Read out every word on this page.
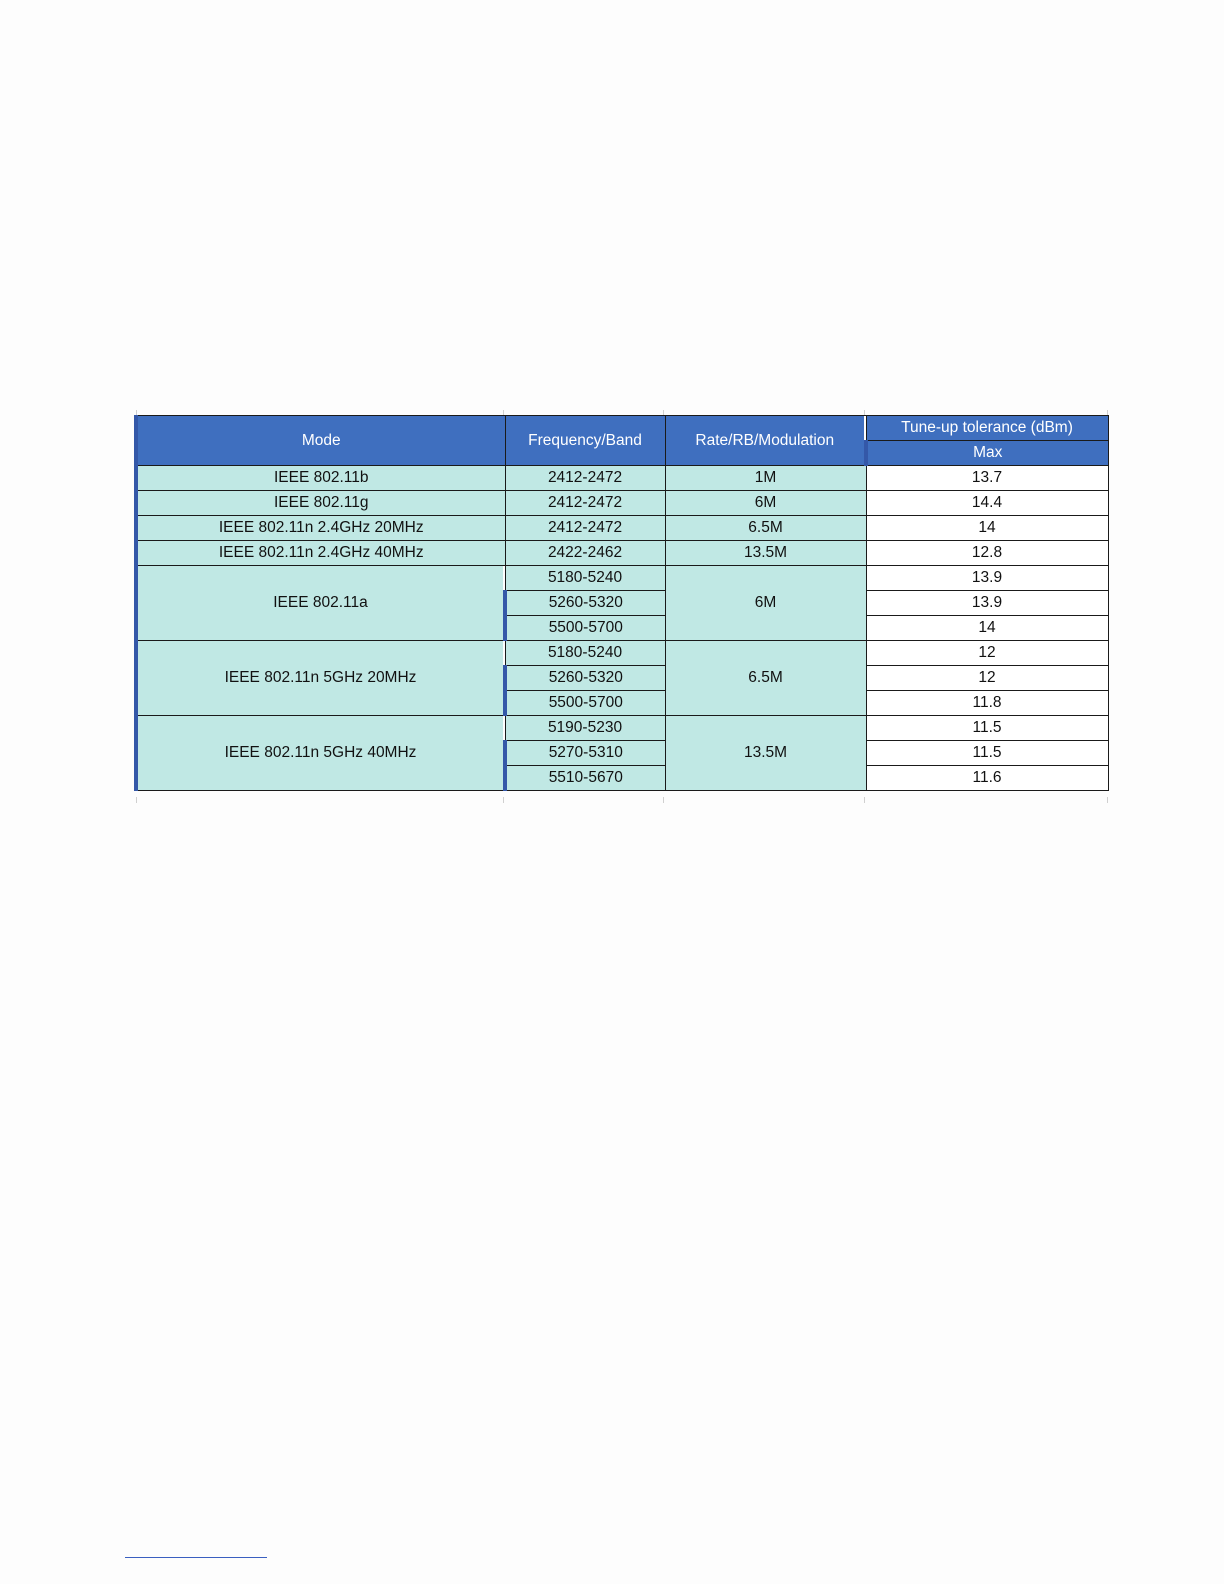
Mode	Frequency/Band	Rate/RB/Modulation	Tune-up tolerance (dBm)
			Max
IEEE 802.11b	2412-2472	1M	13.7
IEEE 802.11g	2412-2472	6M	14.4
IEEE 802.11n 2.4GHz 20MHz	2412-2472	6.5M	14
IEEE 802.11n 2.4GHz 40MHz	2422-2462	13.5M	12.8
IEEE 802.11a	5180-5240	6M	13.9
	5260-5320		13.9
	5500-5700		14
IEEE 802.11n 5GHz 20MHz	5180-5240	6.5M	12
	5260-5320		12
	5500-5700		11.8
IEEE 802.11n 5GHz 40MHz	5190-5230	13.5M	11.5
	5270-5310		11.5
	5510-5670		11.6
